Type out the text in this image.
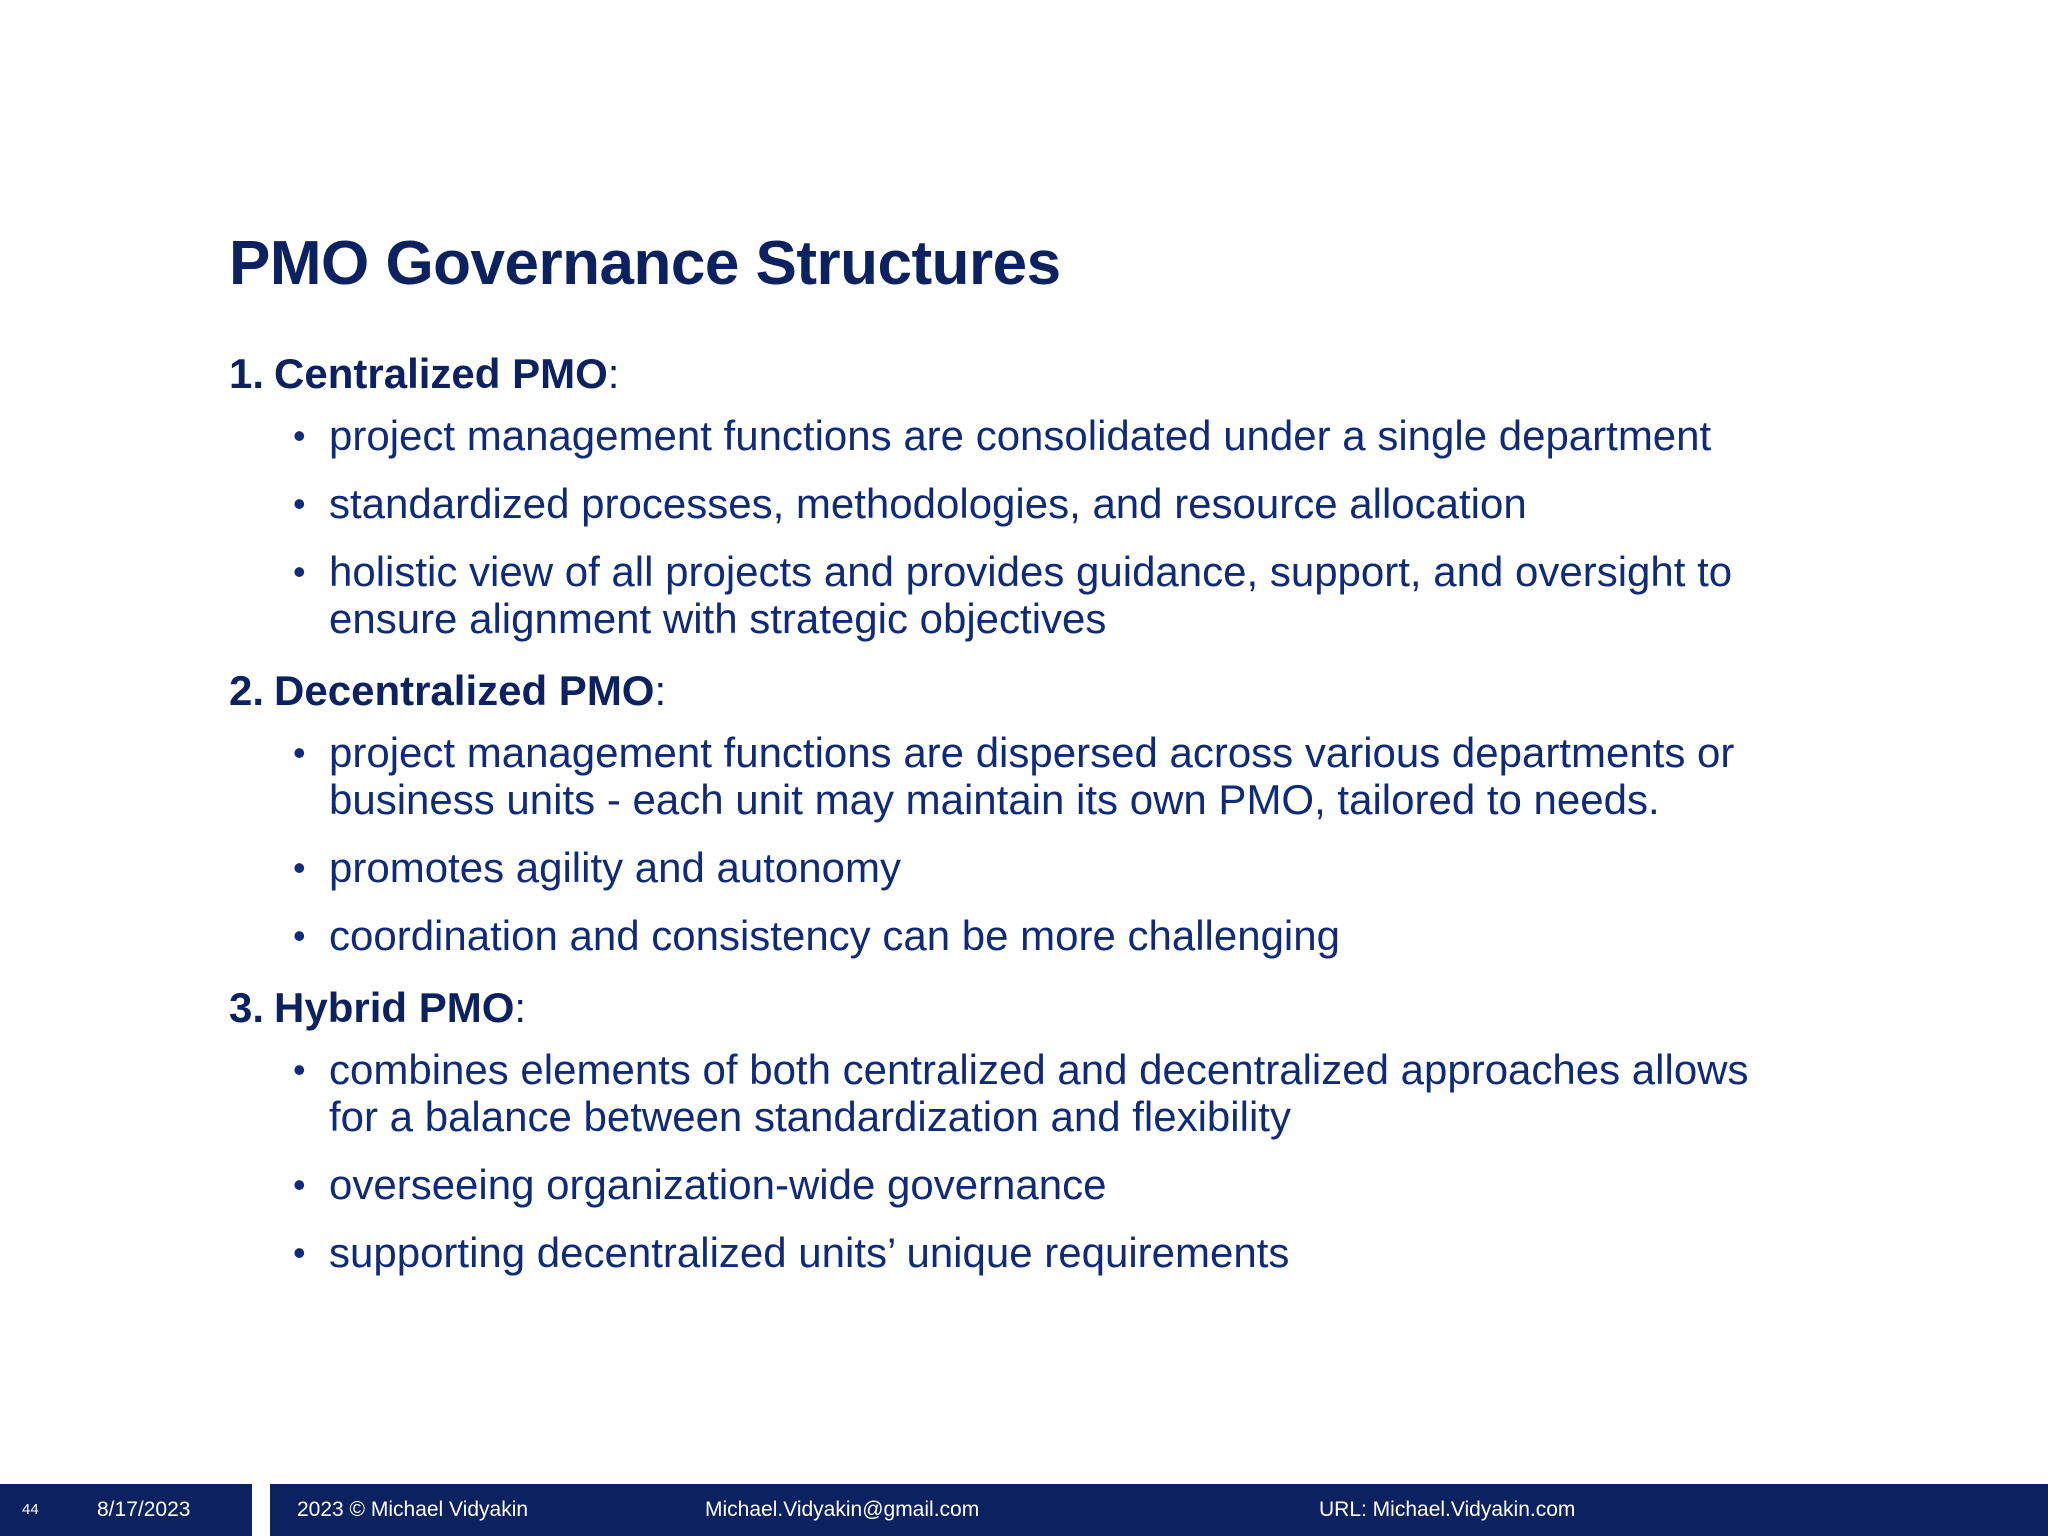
PMO Governance Structures
1. Centralized PMO:
• project management functions are consolidated under a single department
• standardized processes, methodologies, and resource allocation
• holistic view of all projects and provides guidance, support, and oversight to ensure alignment with strategic objectives
2. Decentralized PMO:
• project management functions are dispersed across various departments or business units - each unit may maintain its own PMO, tailored to needs.
• promotes agility and autonomy
• coordination and consistency can be more challenging
3. Hybrid PMO:
• combines elements of both centralized and decentralized approaches allows for a balance between standardization and flexibility
• overseeing organization-wide governance
• supporting decentralized units’ unique requirements
44	8/17/2023	2023 © Michael Vidyakin	Michael.Vidyakin@gmail.com	URL: Michael.Vidyakin.com
